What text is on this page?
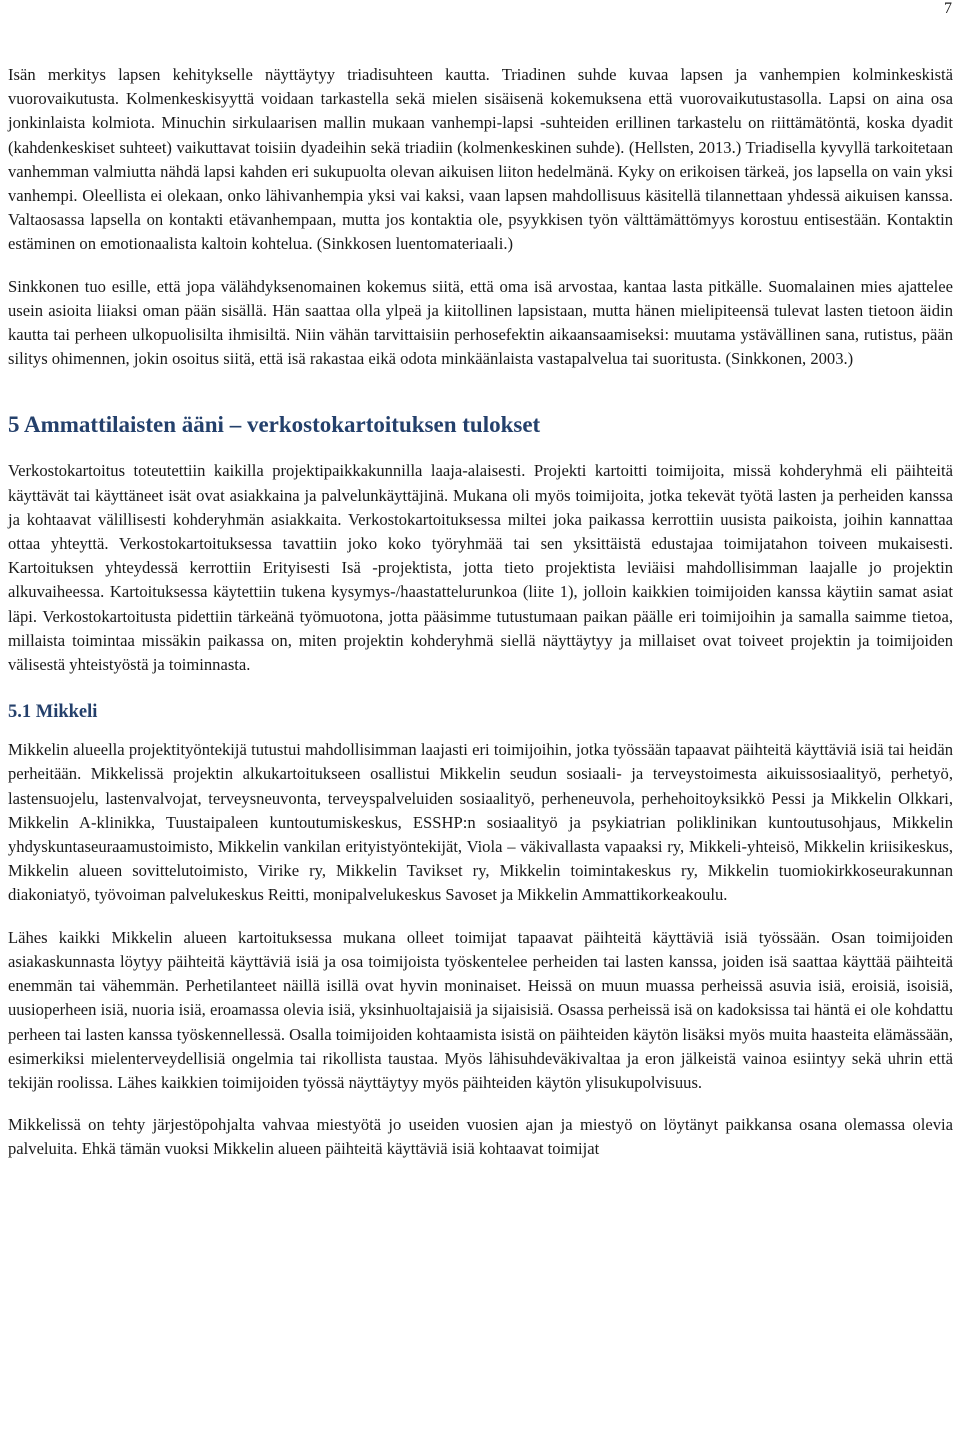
7

Isän merkitys lapsen kehitykselle näyttäytyy triadisuhteen kautta. Triadinen suhde kuvaa lapsen ja vanhempien kolminkeskistä vuorovaikutusta. Kolmenkeskisyyttä voidaan tarkastella sekä mielen sisäisenä kokemuksena että vuorovaikutustasolla. Lapsi on aina osa jonkinlaista kolmiota. Minuchin sirkulaarisen mallin mukaan vanhempi-lapsi -suhteiden erillinen tarkastelu on riittämätöntä, koska dyadit (kahdenkeskiset suhteet) vaikuttavat toisiin dyadeihin sekä triadiin (kolmenkeskinen suhde). (Hellsten, 2013.) Triadisella kyvyllä tarkoitetaan vanhemman valmiutta nähdä lapsi kahden eri sukupuolta olevan aikuisen liiton hedelmänä. Kyky on erikoisen tärkeä, jos lapsella on vain yksi vanhempi. Oleellista ei olekaan, onko lähivanhempia yksi vai kaksi, vaan lapsen mahdollisuus käsitellä tilannettaan yhdessä aikuisen kanssa. Valtaosassa lapsella on kontakti etävanhempaan, mutta jos kontaktia ole, psyykkisen työn välttämättömyys korostuu entisestään. Kontaktin estäminen on emotionaalista kaltoin kohtelua. (Sinkkosen luentomateriaali.)

Sinkkonen tuo esille, että jopa välähdyksenomainen kokemus siitä, että oma isä arvostaa, kantaa lasta pitkälle. Suomalainen mies ajattelee usein asioita liiaksi oman pään sisällä. Hän saattaa olla ylpeä ja kiitollinen lapsistaan, mutta hänen mielipiteensä tulevat lasten tietoon äidin kautta tai perheen ulkopuolisilta ihmisiltä. Niin vähän tarvittaisiin perhosefektin aikaansaamiseksi: muutama ystävällinen sana, rutistus, pään silitys ohimennen, jokin osoitus siitä, että isä rakastaa eikä odota minkäänlaista vastapalvelua tai suoritusta. (Sinkkonen, 2003.)

5 Ammattilaisten ääni – verkostokartoituksen tulokset

Verkostokartoitus toteutettiin kaikilla projektipaikkakunnilla laaja-alaisesti. Projekti kartoitti toimijoita, missä kohderyhmä eli päihteitä käyttävät tai käyttäneet isät ovat asiakkaina ja palvelunkäyttäjinä. Mukana oli myös toimijoita, jotka tekevät työtä lasten ja perheiden kanssa ja kohtaavat välillisesti kohderyhmän asiakkaita. Verkostokartoituksessa miltei joka paikassa kerrottiin uusista paikoista, joihin kannattaa ottaa yhteyttä. Verkostokartoituksessa tavattiin joko koko työryhmää tai sen yksittäistä edustajaa toimijatahon toiveen mukaisesti. Kartoituksen yhteydessä kerrottiin Erityisesti Isä -projektista, jotta tieto projektista leviäisi mahdollisimman laajalle jo projektin alkuvaiheessa. Kartoituksessa käytettiin tukena kysymys-/haastattelurunkoa (liite 1), jolloin kaikkien toimijoiden kanssa käytiin samat asiat läpi. Verkostokartoitusta pidettiin tärkeänä työmuotona, jotta pääsimme tutustumaan paikan päälle eri toimijoihin ja samalla saimme tietoa, millaista toimintaa missäkin paikassa on, miten projektin kohderyhmä siellä näyttäytyy ja millaiset ovat toiveet projektin ja toimijoiden välisestä yhteistyöstä ja toiminnasta.

5.1 Mikkeli

Mikkelin alueella projektityöntekijä tutustui mahdollisimman laajasti eri toimijoihin, jotka työssään tapaavat päihteitä käyttäviä isiä tai heidän perheitään. Mikkelissä projektin alkukartoitukseen osallistui Mikkelin seudun sosiaali- ja terveystoimesta aikuissosiaalityö, perhetyö, lastensuojelu, lastenvalvojat, terveysneuvonta, terveyspalveluiden sosiaalityö, perheneuvola, perhehoitoyksikkö Pessi ja Mikkelin Olkkari, Mikkelin A-klinikka, Tuustaipaleen kuntoutumiskeskus, ESSHP:n sosiaalityö ja psykiatrian poliklinikan kuntoutusohjaus, Mikkelin yhdyskuntaseuraamustoimisto, Mikkelin vankilan erityistyöntekijät, Viola – väkivallasta vapaaksi ry, Mikkeli-yhteisö, Mikkelin kriisikeskus, Mikkelin alueen sovittelutoimisto, Virike ry, Mikkelin Tavikset ry, Mikkelin toimintakeskus ry, Mikkelin tuomiokirkkoseurakunnan diakoniatyö, työvoiman palvelukeskus Reitti, monipalvelukeskus Savoset ja Mikkelin Ammattikorkeakoulu.

Lähes kaikki Mikkelin alueen kartoituksessa mukana olleet toimijat tapaavat päihteitä käyttäviä isiä työssään. Osan toimijoiden asiakaskunnasta löytyy päihteitä käyttäviä isiä ja osa toimijoista työskentelee perheiden tai lasten kanssa, joiden isä saattaa käyttää päihteitä enemmän tai vähemmän. Perhetilanteet näillä isillä ovat hyvin moninaiset. Heissä on muun muassa perheissä asuvia isiä, eroisiä, isoisiä, uusioperheen isiä, nuoria isiä, eroamassa olevia isiä, yksinhuoltajaisiä ja sijaisisiä. Osassa perheissä isä on kadoksissa tai häntä ei ole kohdattu perheen tai lasten kanssa työskennellessä. Osalla toimijoiden kohtaamista isistä on päihteiden käytön lisäksi myös muita haasteita elämässään, esimerkiksi mielenterveydellisiä ongelmia tai rikollista taustaa. Myös lähisuhdeväkivaltaa ja eron jälkeistä vainoa esiintyy sekä uhrin että tekijän roolissa. Lähes kaikkien toimijoiden työssä näyttäytyy myös päihteiden käytön ylisukupolvisuus.

Mikkelissä on tehty järjestöpohjalta vahvaa miestyötä jo useiden vuosien ajan ja miestyö on löytänyt paikkansa osana olemassa olevia palveluita. Ehkä tämän vuoksi Mikkelin alueen päihteitä käyttäviä isiä kohtaavat toimijat
